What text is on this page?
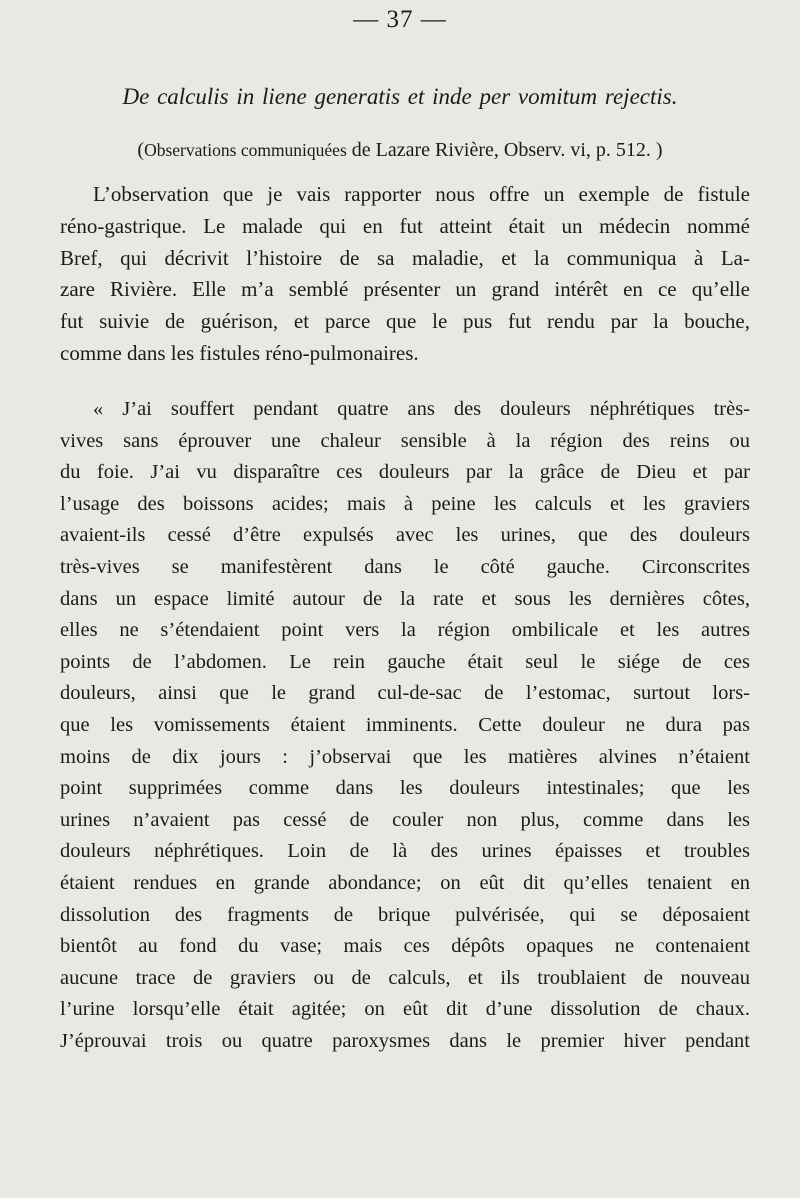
— 37 —
De calculis in liene generatis et inde per vomitum rejectis.
(Observations communiquées de Lazare Rivière, Observ. vi, p. 512. )

L’observation que je vais rapporter nous offre un exemple de fistule
réno-gastrique. Le malade qui en fut atteint était un médecin nommé
Bref, qui décrivit l’histoire de sa maladie, et la communiqua à La-
zare Rivière. Elle m’a semblé présenter un grand intérêt en ce qu’elle
fut suivie de guérison, et parce que le pus fut rendu par la bouche,
comme dans les fistules réno-pulmonaires.

« J’ai souffert pendant quatre ans des douleurs néphrétiques très-
vives sans éprouver une chaleur sensible à la région des reins ou
du foie. J’ai vu disparaître ces douleurs par la grâce de Dieu et par
l’usage des boissons acides; mais à peine les calculs et les graviers
avaient-ils cessé d’être expulsés avec les urines, que des douleurs
très-vives se manifestèrent dans le côté gauche. Circonscrites
dans un espace limité autour de la rate et sous les dernières côtes,
elles ne s’étendaient point vers la région ombilicale et les autres
points de l’abdomen. Le rein gauche était seul le siége de ces
douleurs, ainsi que le grand cul-de-sac de l’estomac, surtout lors-
que les vomissements étaient imminents. Cette douleur ne dura pas
moins de dix jours : j’observai que les matières alvines n’étaient
point supprimées comme dans les douleurs intestinales; que les
urines n’avaient pas cessé de couler non plus, comme dans les
douleurs néphrétiques. Loin de là des urines épaisses et troubles
étaient rendues en grande abondance; on eût dit qu’elles tenaient en
dissolution des fragments de brique pulvérisée, qui se déposaient
bientôt au fond du vase; mais ces dépôts opaques ne contenaient
aucune trace de graviers ou de calculs, et ils troublaient de nouveau
l’urine lorsqu’elle était agitée; on eût dit d’une dissolution de chaux.
J’éprouvai trois ou quatre paroxysmes dans le premier hiver pendant
